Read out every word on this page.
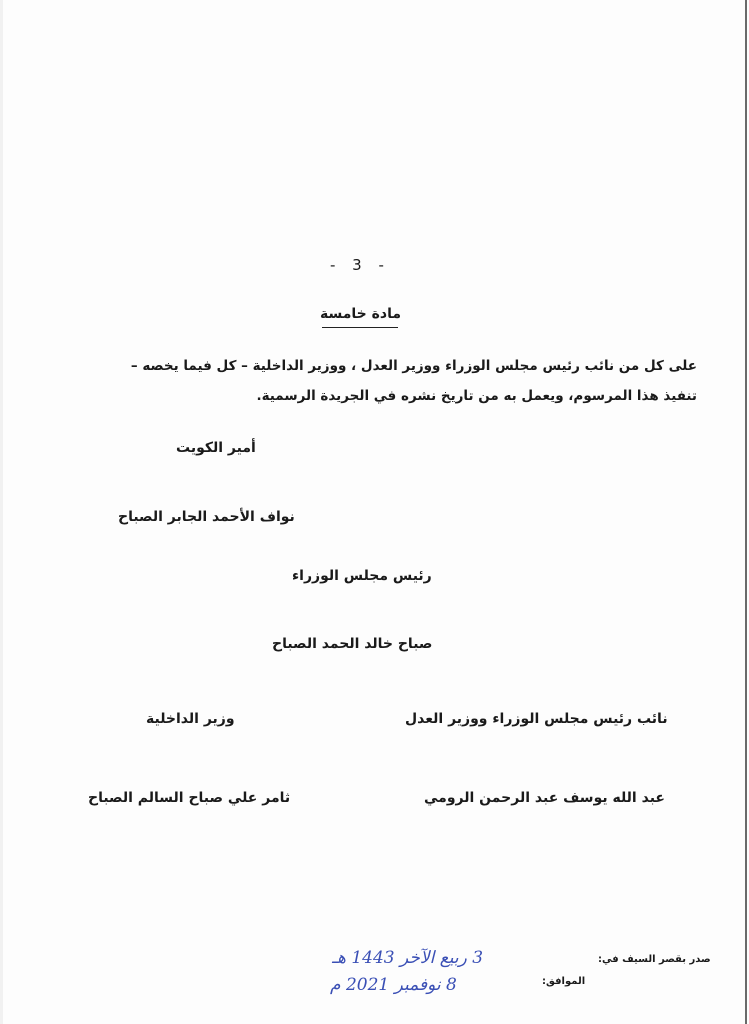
- 3 -
مادة خامسة
على كل من نائب رئيس مجلس الوزراء ووزير العدل ، ووزير الداخلية – كل فيما يخصه –
تنفيذ هذا المرسوم، ويعمل به من تاريخ نشره في الجريدة الرسمية.
أمير الكويت
نواف الأحمد الجابر الصباح
رئيس مجلس الوزراء
صباح خالد الحمد الصباح
نائب رئيس مجلس الوزراء ووزير العدل
وزير الداخلية
عبد الله يوسف عبد الرحمن الرومي
ثامر علي صباح السالم الصباح
صدر بقصر السيف في:
الموافق:
3 ربيع الآخر 1443 هـ
8 نوفمبر 2021 م
